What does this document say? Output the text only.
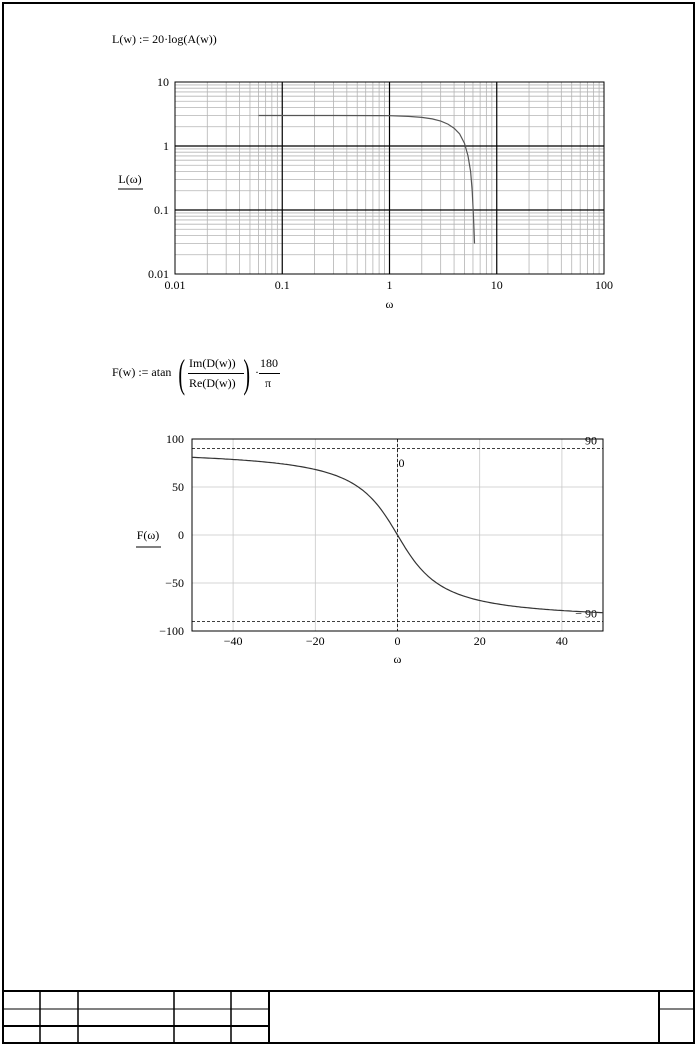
L(w) := 20·log(A(w))
0.01	0.1	1	10	100
10
1
0.1
0.01
L(ω)
ω
F(w) := atan ( Im(D(w))
Re(D(w)) ) ·
180
π
90
− 90
0
−40	−20	0	20	40
100
50
0
−50
−100
F(ω)
ω
